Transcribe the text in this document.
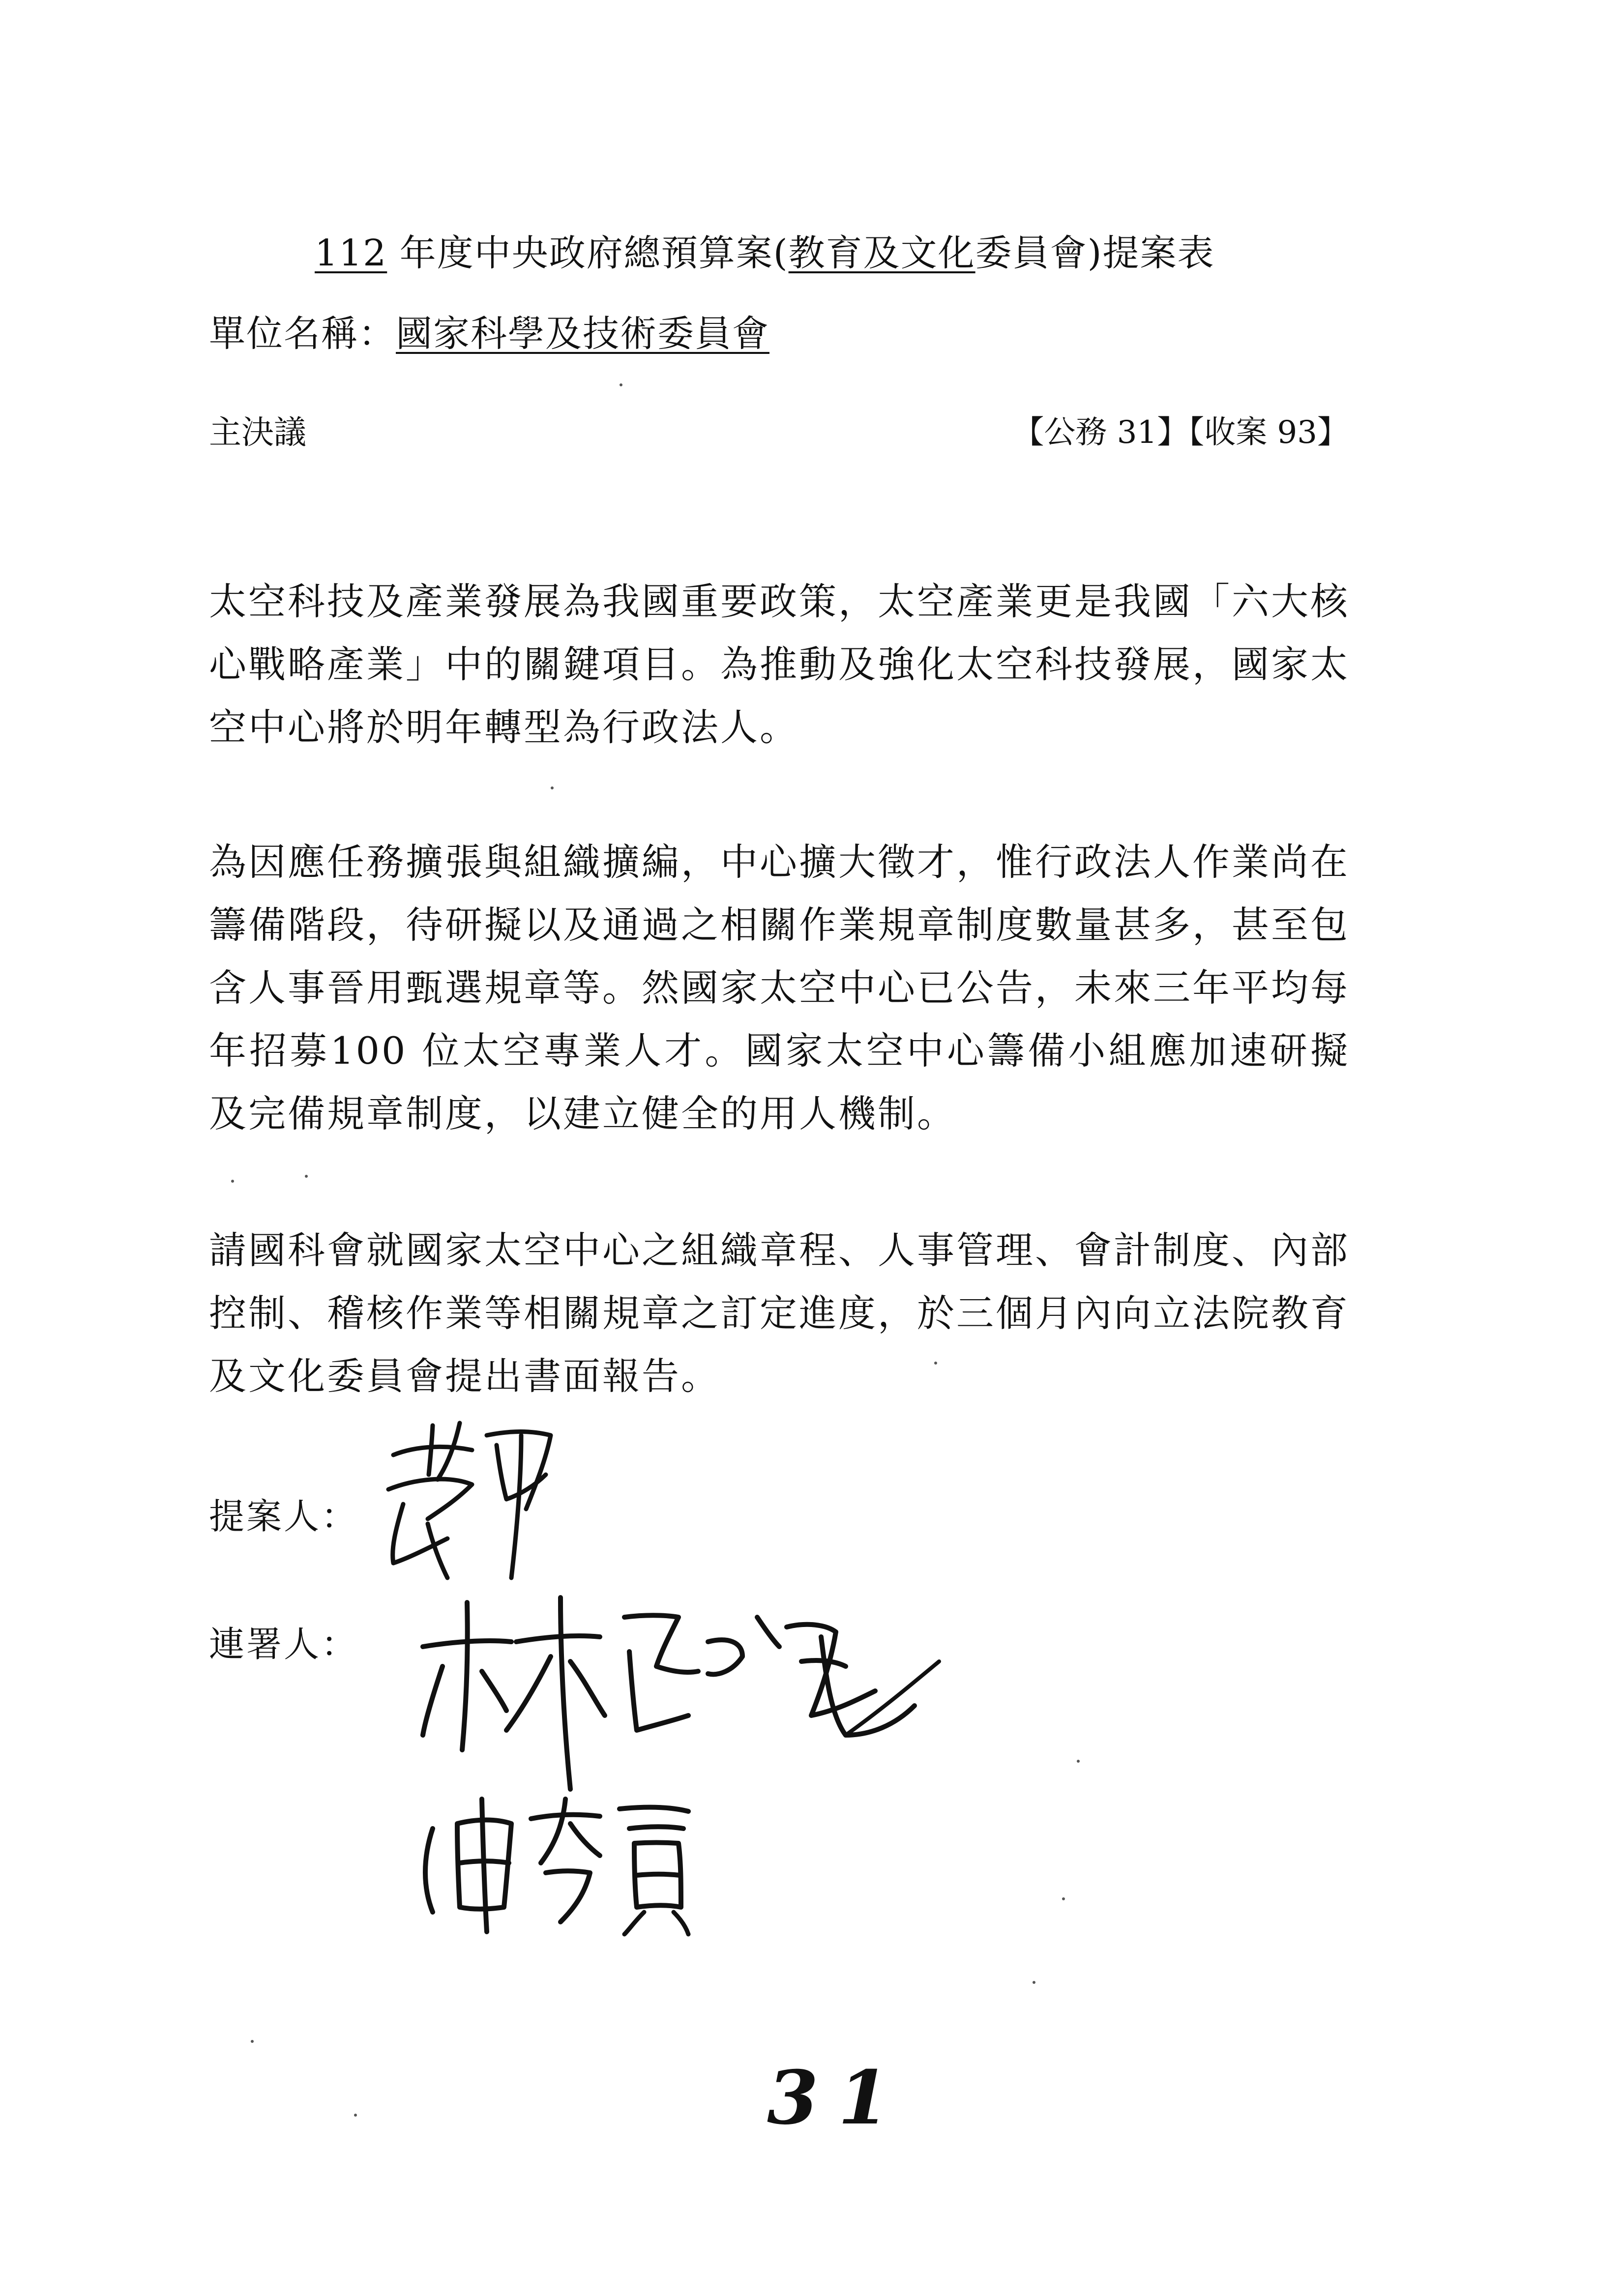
112 年度中央政府總預算案(教育及文化委員會)提案表
單位名稱：國家科學及技術委員會
主決議	【公務 31】【收案 93】

太空科技及產業發展為我國重要政策，太空產業更是我國「六大核心戰略產業」中的關鍵項目。為推動及強化太空科技發展，國家太空中心將於明年轉型為行政法人。

為因應任務擴張與組織擴編，中心擴大徵才，惟行政法人作業尚在籌備階段，待研擬以及通過之相關作業規章制度數量甚多，甚至包含人事晉用甄選規章等。然國家太空中心已公告，未來三年平均每年招募100 位太空專業人才。國家太空中心籌備小組應加速研擬及完備規章制度，以建立健全的用人機制。

請國科會就國家太空中心之組織章程、人事管理、會計制度、內部控制、稽核作業等相關規章之訂定進度，於三個月內向立法院教育及文化委員會提出書面報告。

提案人：
連署人：
31
